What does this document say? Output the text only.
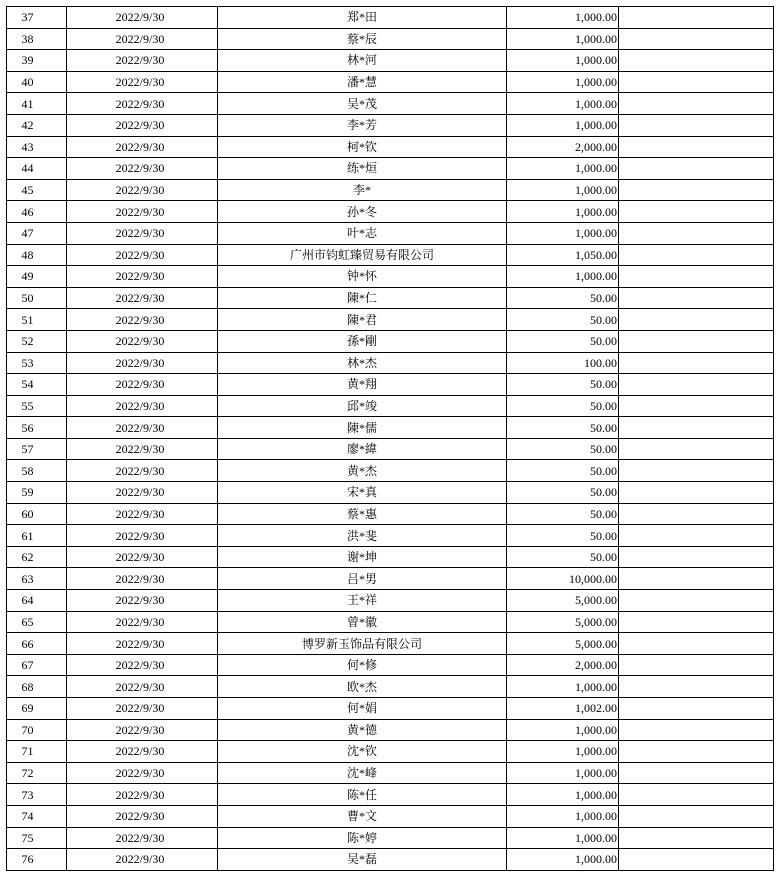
37	2022/9/30	郑*田	1,000.00	
38	2022/9/30	蔡*辰	1,000.00	
39	2022/9/30	林*河	1,000.00	
40	2022/9/30	潘*慧	1,000.00	
41	2022/9/30	吴*茂	1,000.00	
42	2022/9/30	李*芳	1,000.00	
43	2022/9/30	柯*钦	2,000.00	
44	2022/9/30	练*烜	1,000.00	
45	2022/9/30	李*	1,000.00	
46	2022/9/30	孙*冬	1,000.00	
47	2022/9/30	叶*志	1,000.00	
48	2022/9/30	广州市钧虹臻贸易有限公司	1,050.00	
49	2022/9/30	钟*怀	1,000.00	
50	2022/9/30	陳*仁	50.00	
51	2022/9/30	陳*君	50.00	
52	2022/9/30	孫*剛	50.00	
53	2022/9/30	林*杰	100.00	
54	2022/9/30	黄*翔	50.00	
55	2022/9/30	邱*竣	50.00	
56	2022/9/30	陳*儒	50.00	
57	2022/9/30	廖*緯	50.00	
58	2022/9/30	黄*杰	50.00	
59	2022/9/30	宋*真	50.00	
60	2022/9/30	蔡*惠	50.00	
61	2022/9/30	洪*斐	50.00	
62	2022/9/30	谢*坤	50.00	
63	2022/9/30	吕*男	10,000.00	
64	2022/9/30	王*祥	5,000.00	
65	2022/9/30	曾*徽	5,000.00	
66	2022/9/30	博罗新玉饰品有限公司	5,000.00	
67	2022/9/30	何*修	2,000.00	
68	2022/9/30	欧*杰	1,000.00	
69	2022/9/30	何*娟	1,002.00	
70	2022/9/30	黄*德	1,000.00	
71	2022/9/30	沈*钦	1,000.00	
72	2022/9/30	沈*峰	1,000.00	
73	2022/9/30	陈*任	1,000.00	
74	2022/9/30	曹*文	1,000.00	
75	2022/9/30	陈*婷	1,000.00	
76	2022/9/30	吴*磊	1,000.00	
